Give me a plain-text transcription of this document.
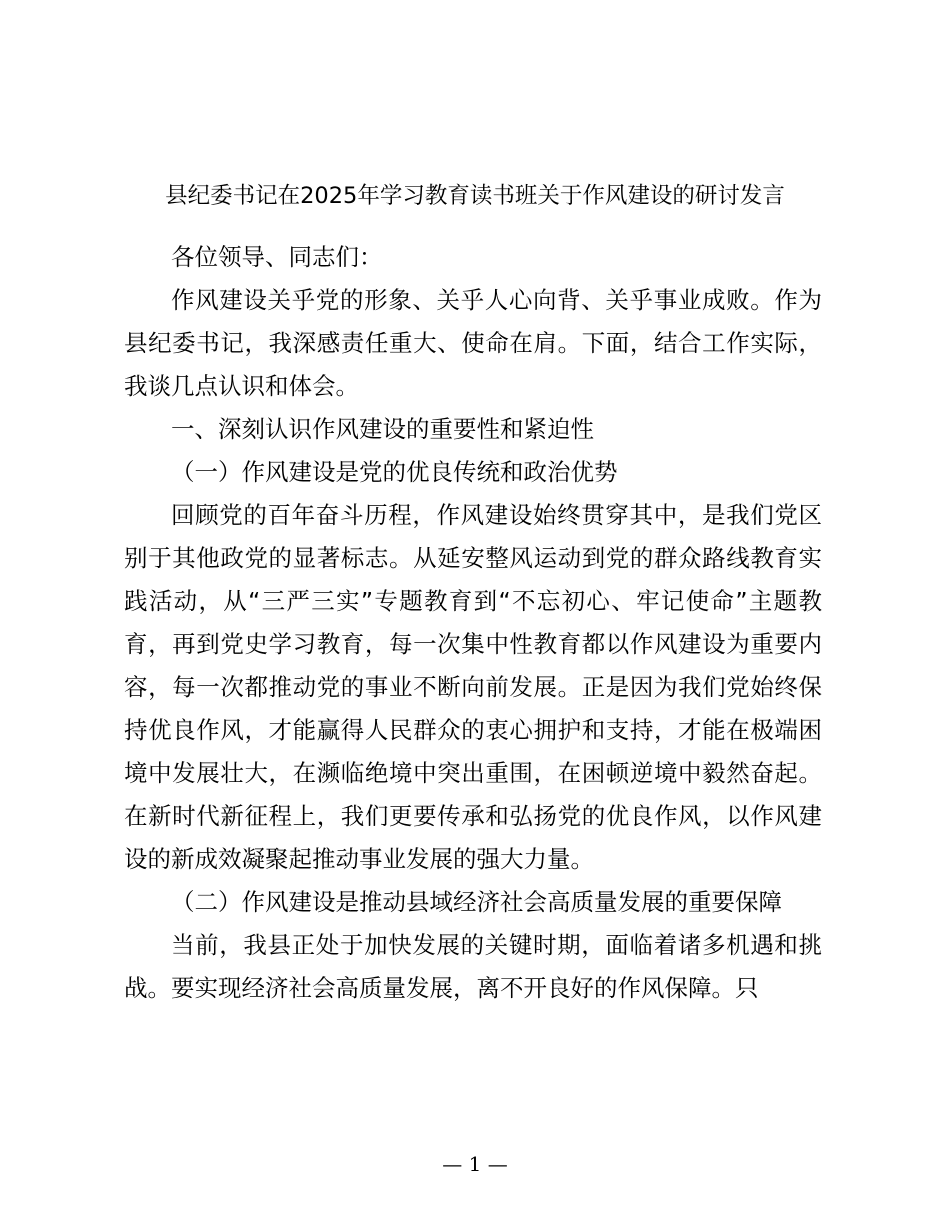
县纪委书记在2025年学习教育读书班关于作风建设的研讨发言

各位领导、同志们：

作风建设关乎党的形象、关乎人心向背、关乎事业成败。作为县纪委书记，我深感责任重大、使命在肩。下面，结合工作实际，我谈几点认识和体会。

一、深刻认识作风建设的重要性和紧迫性

（一）作风建设是党的优良传统和政治优势

回顾党的百年奋斗历程，作风建设始终贯穿其中，是我们党区别于其他政党的显著标志。从延安整风运动到党的群众路线教育实践活动，从“三严三实”专题教育到“不忘初心、牢记使命”主题教育，再到党史学习教育，每一次集中性教育都以作风建设为重要内容，每一次都推动党的事业不断向前发展。正是因为我们党始终保持优良作风，才能赢得人民群众的衷心拥护和支持，才能在极端困境中发展壮大，在濒临绝境中突出重围，在困顿逆境中毅然奋起。在新时代新征程上，我们更要传承和弘扬党的优良作风，以作风建设的新成效凝聚起推动事业发展的强大力量。

（二）作风建设是推动县域经济社会高质量发展的重要保障

当前，我县正处于加快发展的关键时期，面临着诸多机遇和挑战。要实现经济社会高质量发展，离不开良好的作风保障。只

— 1 —
